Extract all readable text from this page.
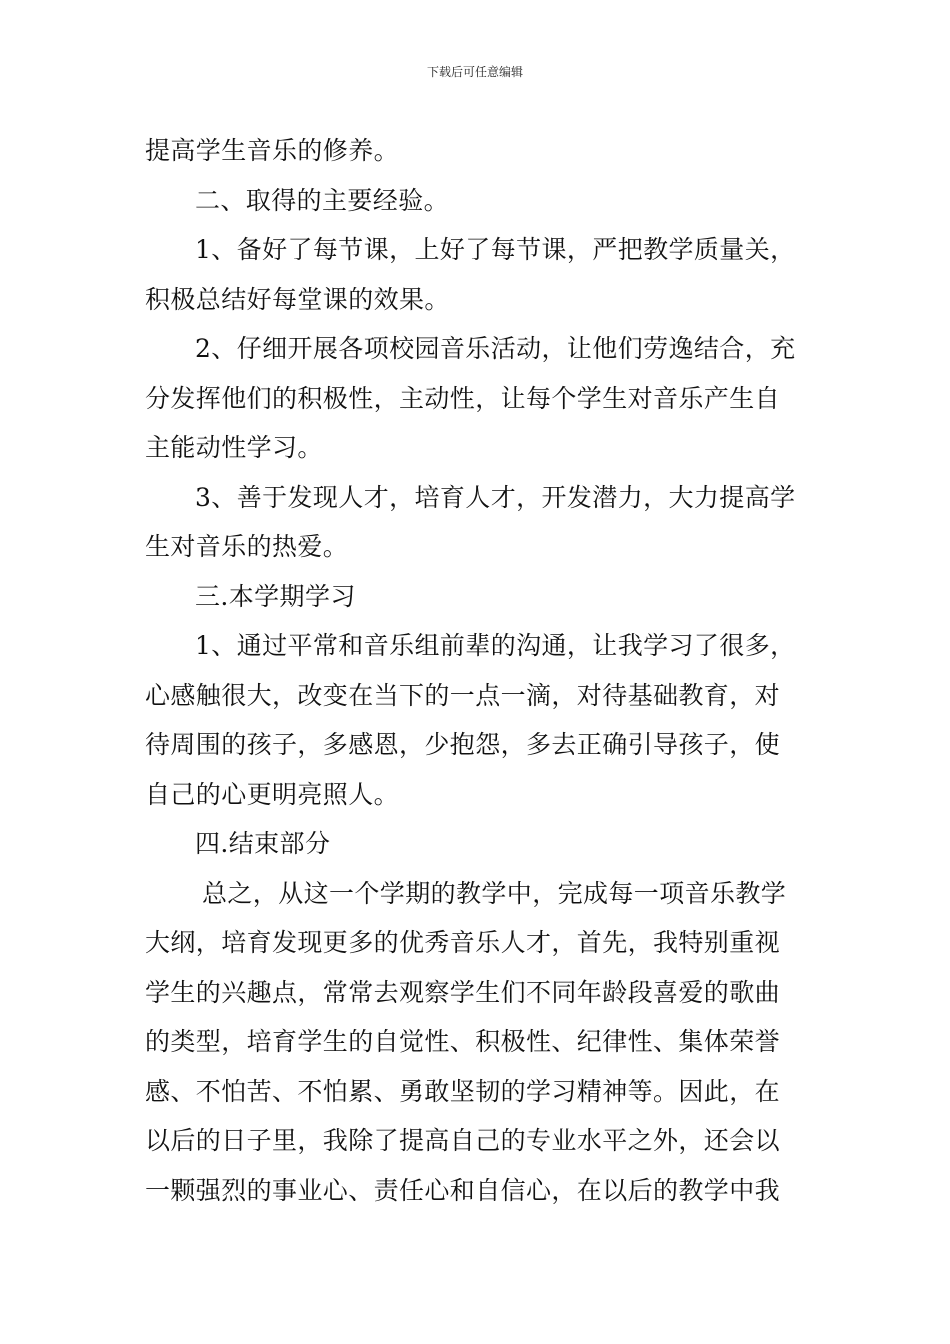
下载后可任意编辑
提高学生音乐的修养。
二、取得的主要经验。
1、备好了每节课，上好了每节课，严把教学质量关，
积极总结好每堂课的效果。
2、仔细开展各项校园音乐活动，让他们劳逸结合，充
分发挥他们的积极性，主动性，让每个学生对音乐产生自
主能动性学习。
3、善于发现人才，培育人才，开发潜力，大力提高学
生对音乐的热爱。
三.本学期学习
1、通过平常和音乐组前辈的沟通，让我学习了很多，
心感触很大，改变在当下的一点一滴，对待基础教育，对
待周围的孩子，多感恩，少抱怨，多去正确引导孩子，使
自己的心更明亮照人。
四.结束部分
总之，从这一个学期的教学中，完成每一项音乐教学
大纲，培育发现更多的优秀音乐人才，首先，我特别重视
学生的兴趣点，常常去观察学生们不同年龄段喜爱的歌曲
的类型，培育学生的自觉性、积极性、纪律性、集体荣誉
感、不怕苦、不怕累、勇敢坚韧的学习精神等。因此，在
以后的日子里，我除了提高自己的专业水平之外，还会以
一颗强烈的事业心、责任心和自信心，在以后的教学中我
